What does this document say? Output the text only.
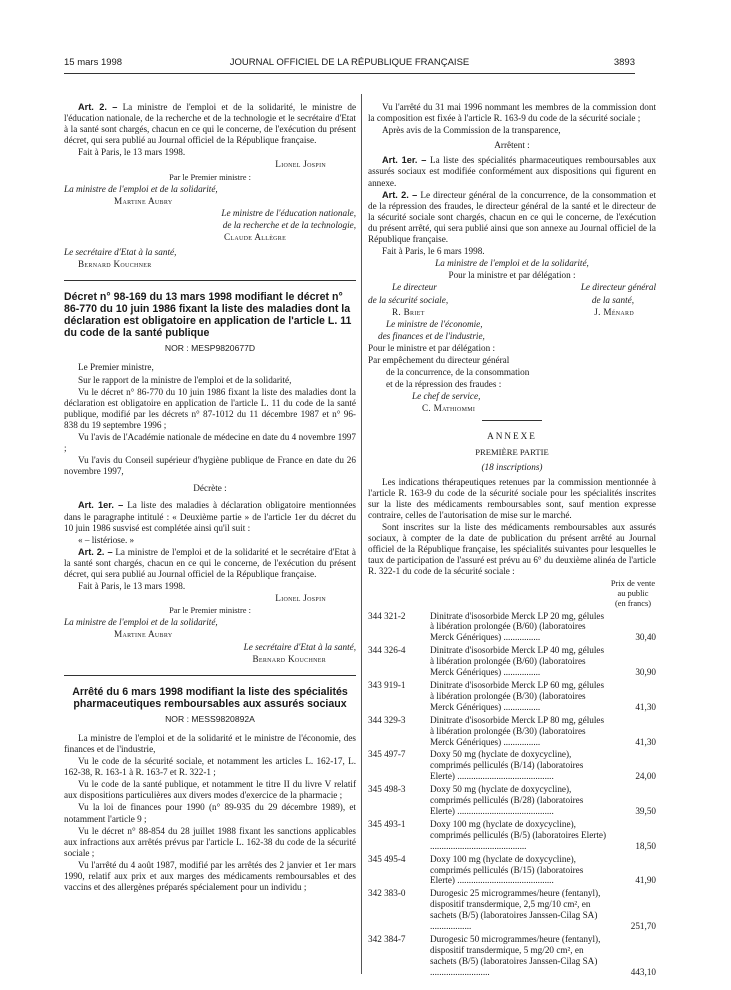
15 mars 1998	JOURNAL OFFICIEL DE LA RÉPUBLIQUE FRANÇAISE	3893

Art. 2. – La ministre de l'emploi et de la solidarité, le ministre de l'éducation nationale, de la recherche et de la technologie et le secrétaire d'Etat à la santé sont chargés, chacun en ce qui le concerne, de l'exécution du présent décret, qui sera publié au Journal officiel de la République française.

Fait à Paris, le 13 mars 1998.

Lionel Jospin

Par le Premier ministre :

La ministre de l'emploi et de la solidarité,

Martine Aubry

Le ministre de l'éducation nationale,

de la recherche et de la technologie,

Claude Allègre

Le secrétaire d'Etat à la santé,

Bernard Kouchner

Décret n° 98-169 du 13 mars 1998 modifiant le décret n° 86-770 du 10 juin 1986 fixant la liste des maladies dont la déclaration est obligatoire en application de l'article L. 11 du code de la santé publique

NOR : MESP9820677D

Le Premier ministre,

Sur le rapport de la ministre de l'emploi et de la solidarité,

Vu le décret n° 86-770 du 10 juin 1986 fixant la liste des maladies dont la déclaration est obligatoire en application de l'article L. 11 du code de la santé publique, modifié par les décrets n° 87-1012 du 11 décembre 1987 et n° 96-838 du 19 septembre 1996 ;

Vu l'avis de l'Académie nationale de médecine en date du 4 novembre 1997 ;

Vu l'avis du Conseil supérieur d'hygiène publique de France en date du 26 novembre 1997,

Décrète :

Art. 1er. – La liste des maladies à déclaration obligatoire mentionnées dans le paragraphe intitulé : « Deuxième partie » de l'article 1er du décret du 10 juin 1986 susvisé est complétée ainsi qu'il suit :

« – listériose. »

Art. 2. – La ministre de l'emploi et de la solidarité et le secrétaire d'Etat à la santé sont chargés, chacun en ce qui le concerne, de l'exécution du présent décret, qui sera publié au Journal officiel de la République française.

Fait à Paris, le 13 mars 1998.

Lionel Jospin

Par le Premier ministre :

La ministre de l'emploi et de la solidarité,

Martine Aubry

Le secrétaire d'Etat à la santé,

Bernard Kouchner

Arrêté du 6 mars 1998 modifiant la liste des spécialités pharmaceutiques remboursables aux assurés sociaux

NOR : MESS9820892A

La ministre de l'emploi et de la solidarité et le ministre de l'économie, des finances et de l'industrie,

Vu le code de la sécurité sociale, et notamment les articles L. 162-17, L. 162-38, R. 163-1 à R. 163-7 et R. 322-1 ;

Vu le code de la santé publique, et notamment le titre II du livre V relatif aux dispositions particulières aux divers modes d'exercice de la pharmacie ;

Vu la loi de finances pour 1990 (n° 89-935 du 29 décembre 1989), et notamment l'article 9 ;

Vu le décret n° 88-854 du 28 juillet 1988 fixant les sanctions applicables aux infractions aux arrêtés prévus par l'article L. 162-38 du code de la sécurité sociale ;

Vu l'arrêté du 4 août 1987, modifié par les arrêtés des 2 janvier et 1er mars 1990, relatif aux prix et aux marges des médicaments remboursables et des vaccins et des allergènes préparés spécialement pour un individu ;

Vu l'arrêté du 31 mai 1996 nommant les membres de la commission dont la composition est fixée à l'article R. 163-9 du code de la sécurité sociale ;

Après avis de la Commission de la transparence,

Arrêtent :

Art. 1er. – La liste des spécialités pharmaceutiques remboursables aux assurés sociaux est modifiée conformément aux dispositions qui figurent en annexe.

Art. 2. – Le directeur général de la concurrence, de la consommation et de la répression des fraudes, le directeur général de la santé et le directeur de la sécurité sociale sont chargés, chacun en ce qui le concerne, de l'exécution du présent arrêté, qui sera publié ainsi que son annexe au Journal officiel de la République française.

Fait à Paris, le 6 mars 1998.

La ministre de l'emploi et de la solidarité,

Pour la ministre et par délégation :

Le directeur

de la sécurité sociale,

R. Briet

Le directeur général

de la santé,

J. Ménard

Le ministre de l'économie,

des finances et de l'industrie,

Pour le ministre et par délégation :

Par empêchement du directeur général

de la concurrence, de la consommation

et de la répression des fraudes :

Le chef de service,

C. Mathiommi

ANNEXE

PREMIÈRE PARTIE

(18 inscriptions)

Les indications thérapeutiques retenues par la commission mentionnée à l'article R. 163-9 du code de la sécurité sociale pour les spécialités inscrites sur la liste des médicaments remboursables sont, sauf mention expresse contraire, celles de l'autorisation de mise sur le marché.

Sont inscrites sur la liste des médicaments remboursables aux assurés sociaux, à compter de la date de publication du présent arrêté au Journal officiel de la République française, les spécialités suivantes pour lesquelles le taux de participation de l'assuré est prévu au 6° du deuxième alinéa de l'article R. 322-1 du code de la sécurité sociale :

Prix de vente
au public
(en francs)
344 321-2	Dinitrate d'isosorbide Merck LP 20 mg, gélules à libération prolongée (B/60) (laboratoires Merck Génériques) ................	30,40
344 326-4	Dinitrate d'isosorbide Merck LP 40 mg, gélules à libération prolongée (B/60) (laboratoires Merck Génériques) ................	30,90
343 919-1	Dinitrate d'isosorbide Merck LP 60 mg, gélules à libération prolongée (B/30) (laboratoires Merck Génériques) ................	41,30
344 329-3	Dinitrate d'isosorbide Merck LP 80 mg, gélules à libération prolongée (B/30) (laboratoires Merck Génériques) ................	41,30
345 497-7	Doxy 50 mg (hyclate de doxycycline), comprimés pelliculés (B/14) (laboratoires Elerte) ..........................................	24,00
345 498-3	Doxy 50 mg (hyclate de doxycycline), comprimés pelliculés (B/28) (laboratoires Elerte) ..........................................	39,50
345 493-1	Doxy 100 mg (hyclate de doxycycline), comprimés pelliculés (B/5) (laboratoires Elerte) ..........................................	18,50
345 495-4	Doxy 100 mg (hyclate de doxycycline), comprimés pelliculés (B/15) (laboratoires Elerte) ..........................................	41,90
342 383-0	Durogesic 25 microgrammes/heure (fentanyl), dispositif transdermique, 2,5 mg/10 cm², en sachets (B/5) (laboratoires Janssen-Cilag SA) ..................	251,70
342 384-7	Durogesic 50 microgrammes/heure (fentanyl), dispositif transdermique, 5 mg/20 cm², en sachets (B/5) (laboratoires Janssen-Cilag SA) ..........................	443,10
